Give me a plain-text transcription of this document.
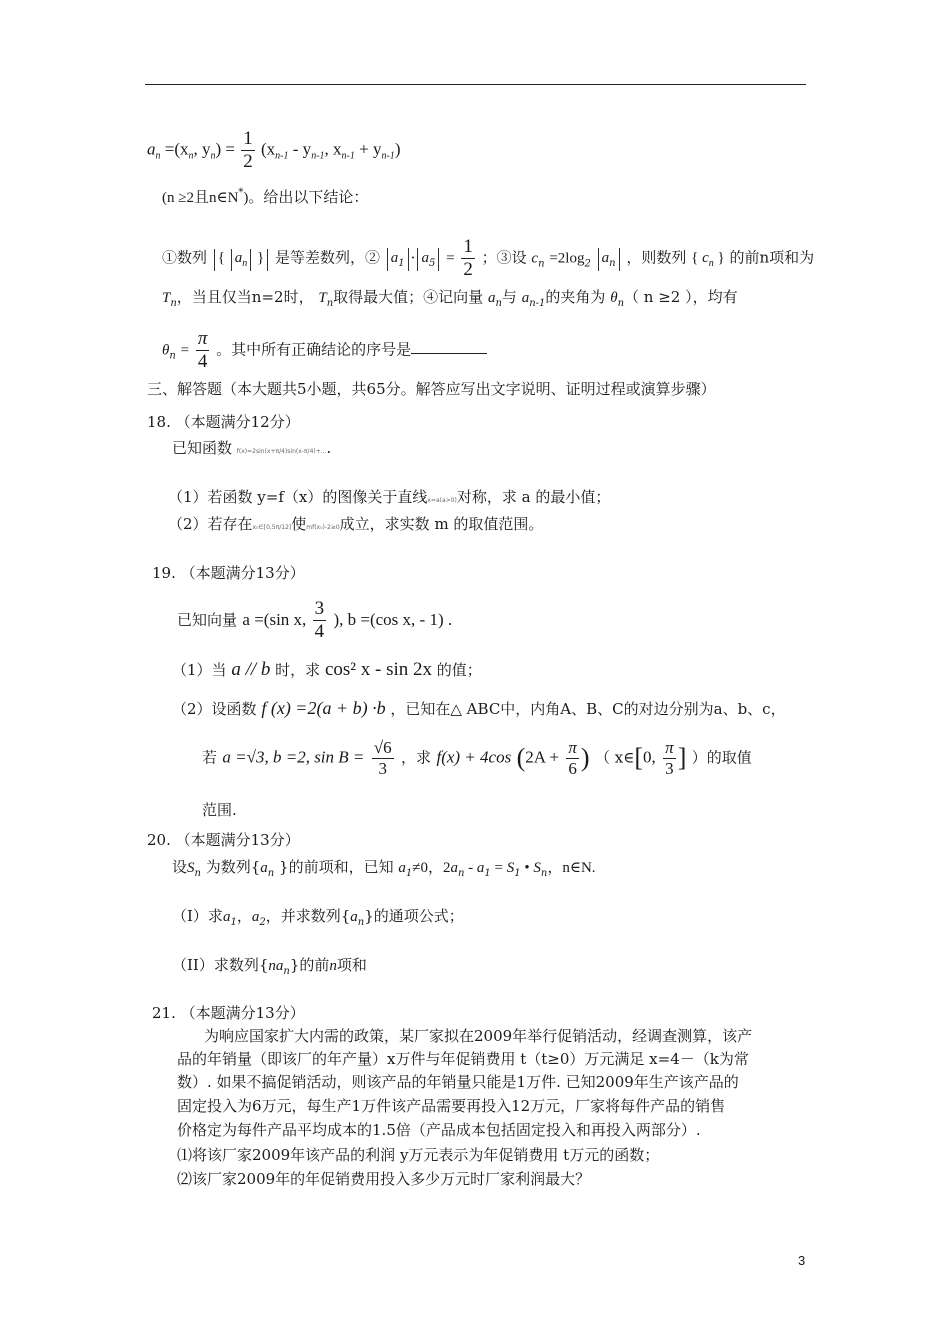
$a_n =(x_n$, $y_n) = \frac{1}{2} (x_{n-1} - y_{n-1}$, $x_{n-1} + y_{n-1}$)
(n ≥2且n∈N*)。给出以下结论：
①数列 { $a_n$ } 是等差数列，② $a_1 \cdot a_5 = \frac{1}{2}$ ；③设 $c_n =2\log_2$ $a_n$ ，则数列 { $c_n$ } 的前n项和为
$T_n$，当且仅当n=2时， $T_n$取得最大值；④记向量 $a_n$与 $a_{n-1}$的夹角为 $\theta_n$（ n ≥2 ），均有
$\theta_n = \frac{\pi}{4}$ 。其中所有正确结论的序号是
三、解答题（本大题共5小题，共65分。解答应写出文字说明、证明过程或演算步骤）
18. （本题满分12分）
已知函数 f(x)=2sin(x+π/4)sin(x-π/4)+....
（1）若函数 y=f（x）的图像关于直线x=a(a>0)对称，求 a 的最小值；
（2）若存在x₀∈[0,5π/12]使mf(x₀)-2≥0成立，求实数 m 的取值范围。
19. （本题满分13分）
已知向量 a =(sin x, $\frac{3}{4}$ ), b =(cos x, - 1) .
（1）当 a // b 时，求 cos² x - sin 2x 的值；
（2）设函数 f (x) =2(a + b) ·b ，已知在△ ABC中，内角A、B、C的对边分别为a、b、c，
若 a =√3, b =2, $\sin B = \frac{√6}{3}$ ，求 f(x) + 4cos ($2A + \frac{\pi}{6}$ ) （ x∈[0, $\frac{\pi}{3}$ ] ）的取值
范围.
20. （本题满分13分）
设$S_n$ 为数列{$a_n$ }的前项和，已知 $a_1\ne 0$，$2a_n - a_1 = S_1$ • $S_n$，n∈N.
（I）求$a_1$，$a_2$，并求数列$\{a_n\}$的通项公式；
（II）求数列$\{na_n\}$的前n项和
21. （本题满分13分）
为响应国家扩大内需的政策，某厂家拟在2009年举行促销活动，经调查测算，该产
品的年销量（即该厂的年产量）x万件与年促销费用 t（t≥0）万元满足 x=4－（k为常
数）. 如果不搞促销活动，则该产品的年销量只能是1万件. 已知2009年生产该产品的
固定投入为6万元，每生产1万件该产品需要再投入12万元，厂家将每件产品的销售
价格定为每件产品平均成本的1.5倍（产品成本包括固定投入和再投入两部分）.
⑴将该厂家2009年该产品的利润 y万元表示为年促销费用 t万元的函数；
⑵该厂家2009年的年促销费用投入多少万元时厂家利润最大？
3
